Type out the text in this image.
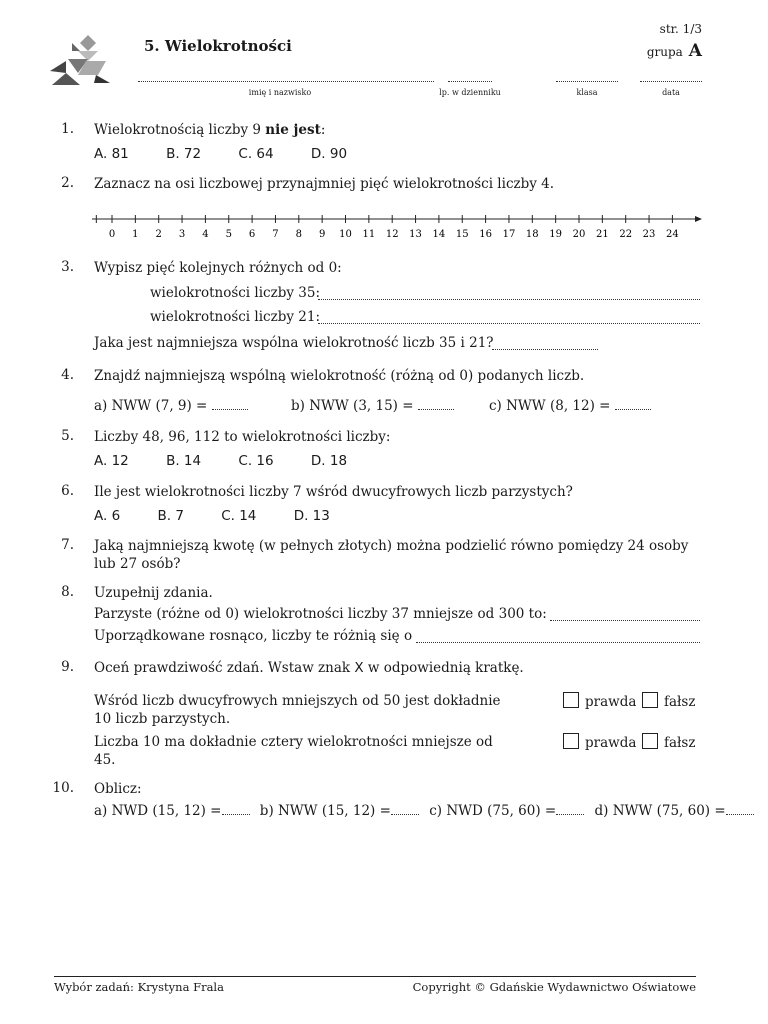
5. Wielokrotności
str. 1/3
grupa A
imię i nazwisko	lp. w dzienniku	klasa	data
1. Wielokrotnością liczby 9 nie jest:
A. 81	B. 72	C. 64	D. 90
2. Zaznacz na osi liczbowej przynajmniej pięć wielokrotności liczby 4.
0 1 2 3 4 5 6 7 8 9 10 11 12 13 14 15 16 17 18 19 20 21 22 23 24
3. Wypisz pięć kolejnych różnych od 0:
wielokrotności liczby 35:
wielokrotności liczby 21:
Jaka jest najmniejsza wspólna wielokrotność liczb 35 i 21?
4. Znajdź najmniejszą wspólną wielokrotność (różną od 0) podanych liczb.
a) NWW (7, 9) =	b) NWW (3, 15) =	c) NWW (8, 12) =
5. Liczby 48, 96, 112 to wielokrotności liczby:
A. 12	B. 14	C. 16	D. 18
6. Ile jest wielokrotności liczby 7 wśród dwucyfrowych liczb parzystych?
A. 6	B. 7	C. 14	D. 13
7. Jaką najmniejszą kwotę (w pełnych złotych) można podzielić równo pomiędzy 24 osoby lub 27 osób?
8. Uzupełnij zdania.
Parzyste (różne od 0) wielokrotności liczby 37 mniejsze od 300 to:
Uporządkowane rosnąco, liczby te różnią się o
9. Oceń prawdziwość zdań. Wstaw znak X w odpowiednią kratkę.
Wśród liczb dwucyfrowych mniejszych od 50 jest dokładnie 10 liczb parzystych.
prawda	fałsz
Liczba 10 ma dokładnie cztery wielokrotności mniejsze od 45.
prawda	fałsz
10. Oblicz:
a) NWD (15, 12) =	b) NWW (15, 12) =	c) NWD (75, 60) =	d) NWW (75, 60) =
Wybór zadań: Krystyna Frala	Copyright © Gdańskie Wydawnictwo Oświatowe
